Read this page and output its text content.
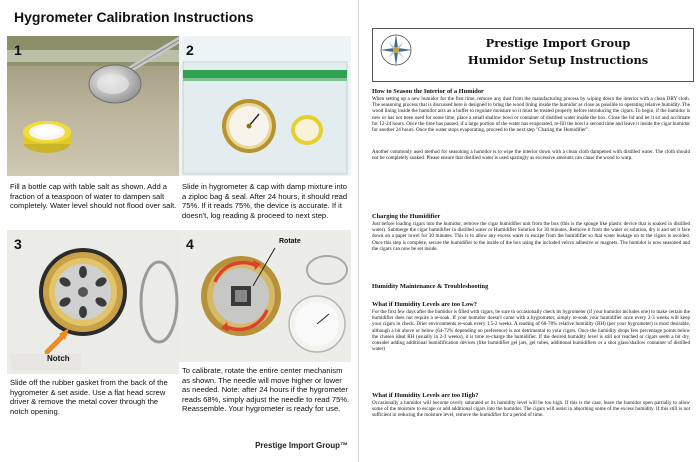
Hygrometer Calibration Instructions
1
Fill a bottle cap with table salt as shown. Add a fraction of a teaspoon of water to dampen salt completely. Water level should not flood over salt.
2
Slide in hygrometer & cap with damp mixture into a ziploc bag & seal. After 24 hours, it should read 75%. If it reads 75%, the device is accurate. If it doesn't, log reading & proceed to next step.
3
Notch
Slide off the rubber gasket from the back of the hygrometer & set aside. Use a flat head screw driver & remove the metal cover through the notch opening.
Rotate
4
To calibrate, rotate the entire center mechanism as shown. The needle will move higher or lower as needed. Note: after 24 hours if the hygrometer reads 68%, simply adjust the needle to read 75%. Reassemble. Your hygrometer is ready for use.
Prestige Import Group™
Prestige Import Group
Humidor Setup Instructions
How to Season the Interior of a Humidor
When setting up a new humidor for the first time, remove any dust from the manufacturing process by wiping down the interior with a clean DRY cloth. The seasoning process that is discussed here is designed to bring the wood lining inside the humidor as close as possible to operating relative humidity. The wood lining inside the humidor acts as a buffer to regulate moisture so it must be treated properly before introducing the cigars. To begin, if the humidor is new or has not been used for some time, place a small shallow bowl or container of distilled water inside the box. Close the lid and let it sit and acclimate for 12-24 hours. Once the time has passed, if a large portion of the water has evaporated, re-fill the bowl a second time and leave it inside the cigar humidor for another 24 hours. Once the water stops evaporating, proceed to the next step "Charing the Humidifier".
Another commonly used method for seasoning a humidor is to wipe the interior down with a clean cloth dampened with distilled water. The cloth should not be completely soaked. Please ensure that distilled water is used sparingly as excessive amounts can cause the wood to warp.
Charging the Humidifier
Just before loading cigars into the humidor, remove the cigar humidifier unit from the box (this is the sponge like plastic device that is soaked in distilled water). Submerge the cigar humidifier in distilled water or Humidifier Solution for 30 minutes. Remove it from the water or solution, dry it and set it face down on a paper towel for 30 minutes. This is to allow any excess water to escape from the humidifier so that water leakage on to the cigars is avoided. Once this step is complete, secure the humidifier to the inside of the box using the included velcro adhesive or magnets. The humidor is now seasoned and the cigars can now be set inside.
Humidity Maintenance & Troubleshooting
What if Humidity Levels are too Low?
For the first few days after the humidor is filled with cigars, be sure to occasionally check its hygrometer (if your humidor includes one) to make certain the humidifier does not require a re-soak. If your humidor doesn't come with a hygrometer, simply re-soak your humidifier once every 2-3 weeks will keep your cigars in check. Drier environments re-soak every 1.5-2 weeks. A reading of 68-78% relative humidity (RH) (per your hygrometer) is most desirable, although a bit above or below (64-72% depending on preference) is not detrimental to your cigars. Once the humidity drops few percentage points below the chosen ideal RH (usually in 2-3 weeks), it is time re-charge the humidifier. If the desired humidity level is still not reached or cigars seem a bit dry, consider adding additional humidification devices (like humidifier gel jars, gel tubes, additional humidifiers or a shot glass/shallow container of distilled water)
What if Humidity Levels are too High?
Occasionally a humidor will become overly saturated or its humidity level will be too high. If this is the case, leave the humidor open partially to allow some of the moisture to escape or add additional cigars into the humidor. The cigars will assist in absorbing some of the excess humidity. If this still is not sufficient in reducing the moisture level, remove the humidifier for a period of time.
